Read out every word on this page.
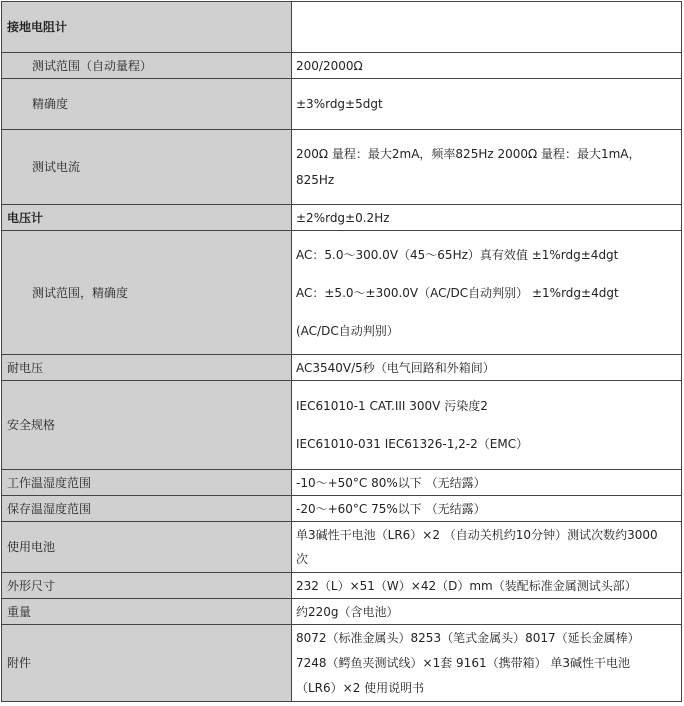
接地电阻计	
测试范围（自动量程）	200/2000Ω
精确度	±3%rdg±5dgt
测试电流	200Ω 量程：最大2mA，频率825Hz 2000Ω 量程：最大1mA，
825Hz

电压计	±2%rdg±0.2Hz
测试范围，精确度	AC：5.0～300.0V（45～65Hz）真有效值 ±1%rdg±4dgt
AC：±5.0～±300.0V（AC/DC自动判别） ±1%rdg±4dgt
(AC/DC自动判别）

耐电压	AC3540V/5秒（电气回路和外箱间）
安全规格	IEC61010-1 CAT.III 300V 污染度2
IEC61010-031 IEC61326-1,2-2（EMC）

工作温湿度范围	-10～+50°C 80%以下 （无结露）
保存温湿度范围	-20～+60°C 75%以下 （无结露）
使用电池	单3碱性干电池（LR6）×2 （自动关机约10分钟）测试次数约3000
次

外形尺寸	232（L）×51（W）×42（D）mm（装配标准金属测试头部）
重量	约220g（含电池）
附件	8072（标准金属头）8253（笔式金属头）8017（延长金属棒）
7248（鳄鱼夹测试线）×1套 9161（携带箱） 单3碱性干电池
（LR6）×2 使用说明书
